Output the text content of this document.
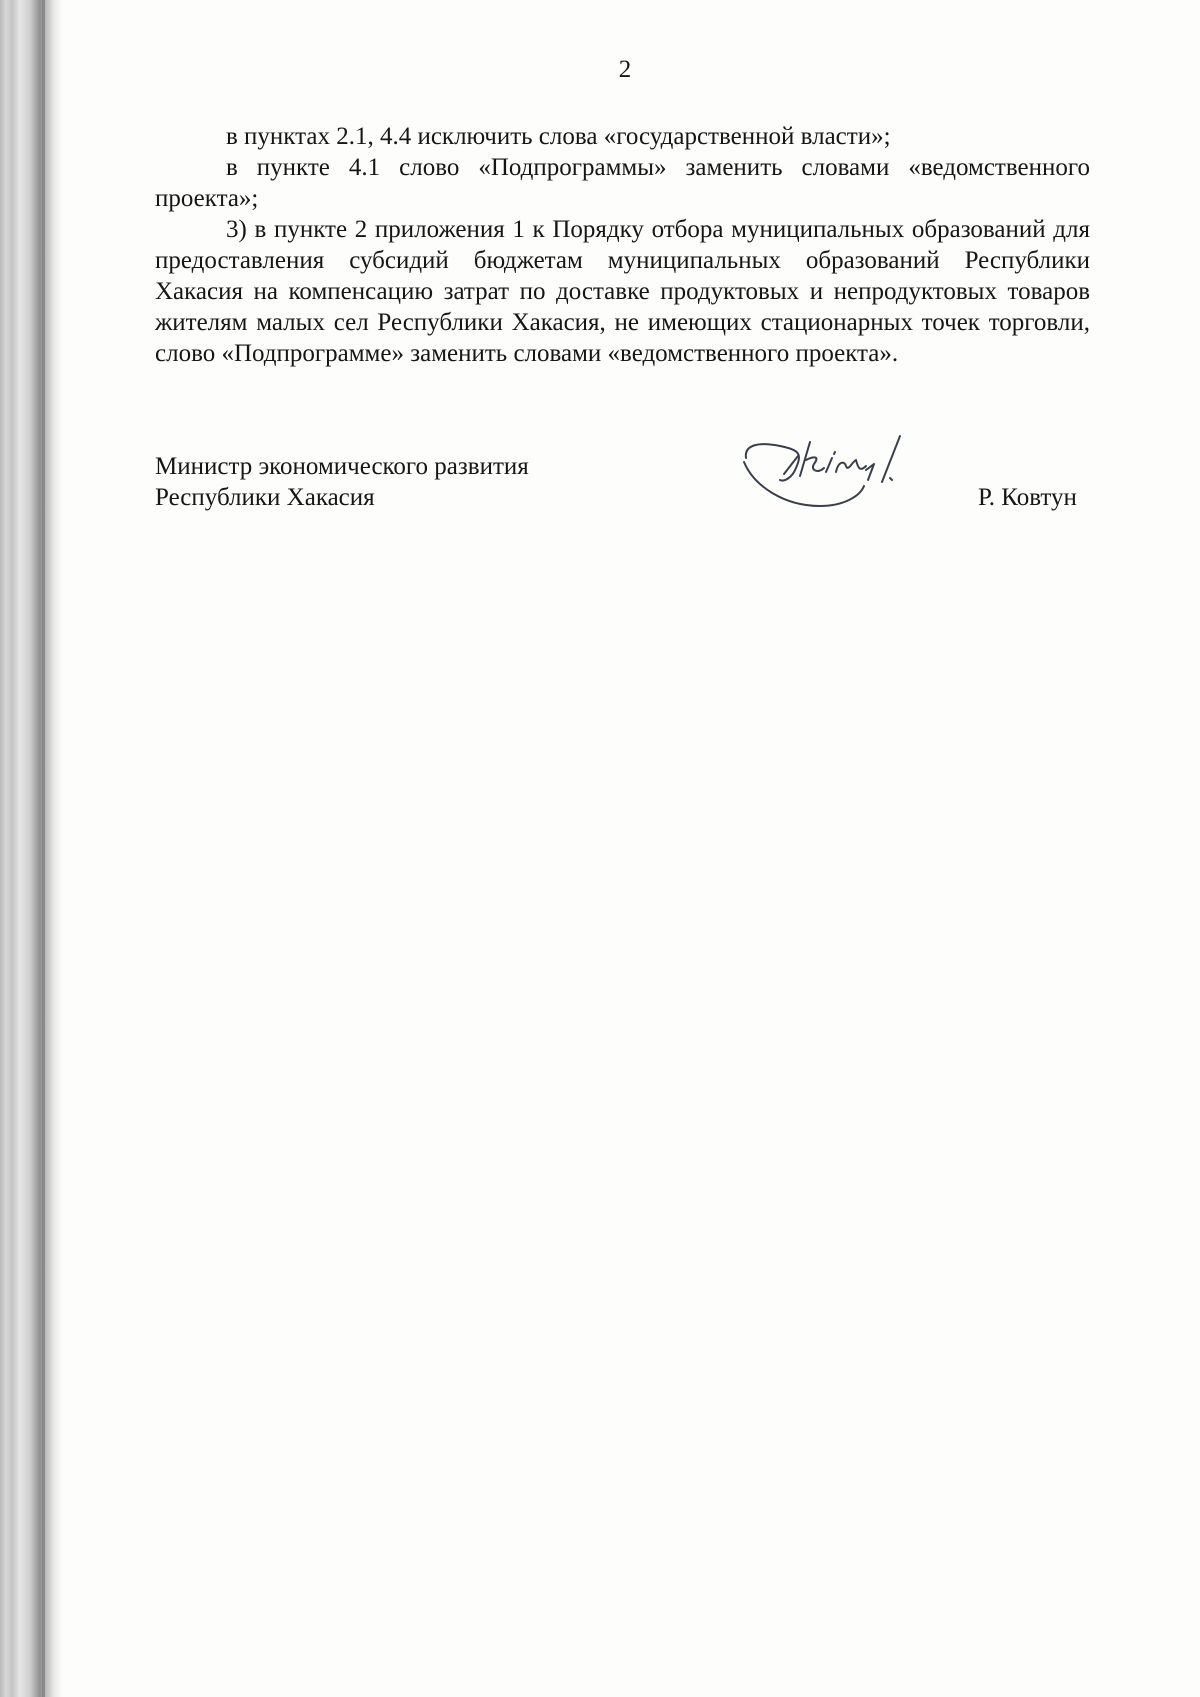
2

в пунктах 2.1, 4.4 исключить слова «государственной власти»;

в пункте 4.1 слово «Подпрограммы» заменить словами «ведомственного проекта»;

3) в пункте 2 приложения 1 к Порядку отбора муниципальных образований для предоставления субсидий бюджетам муниципальных образований Республики Хакасия на компенсацию затрат по доставке продуктовых и непродуктовых товаров жителям малых сел Республики Хакасия, не имеющих стационарных точек торговли, слово «Подпрограмме» заменить словами «ведомственного проекта».

Министр экономического развития
Республики Хакасия	Р. Ковтун
